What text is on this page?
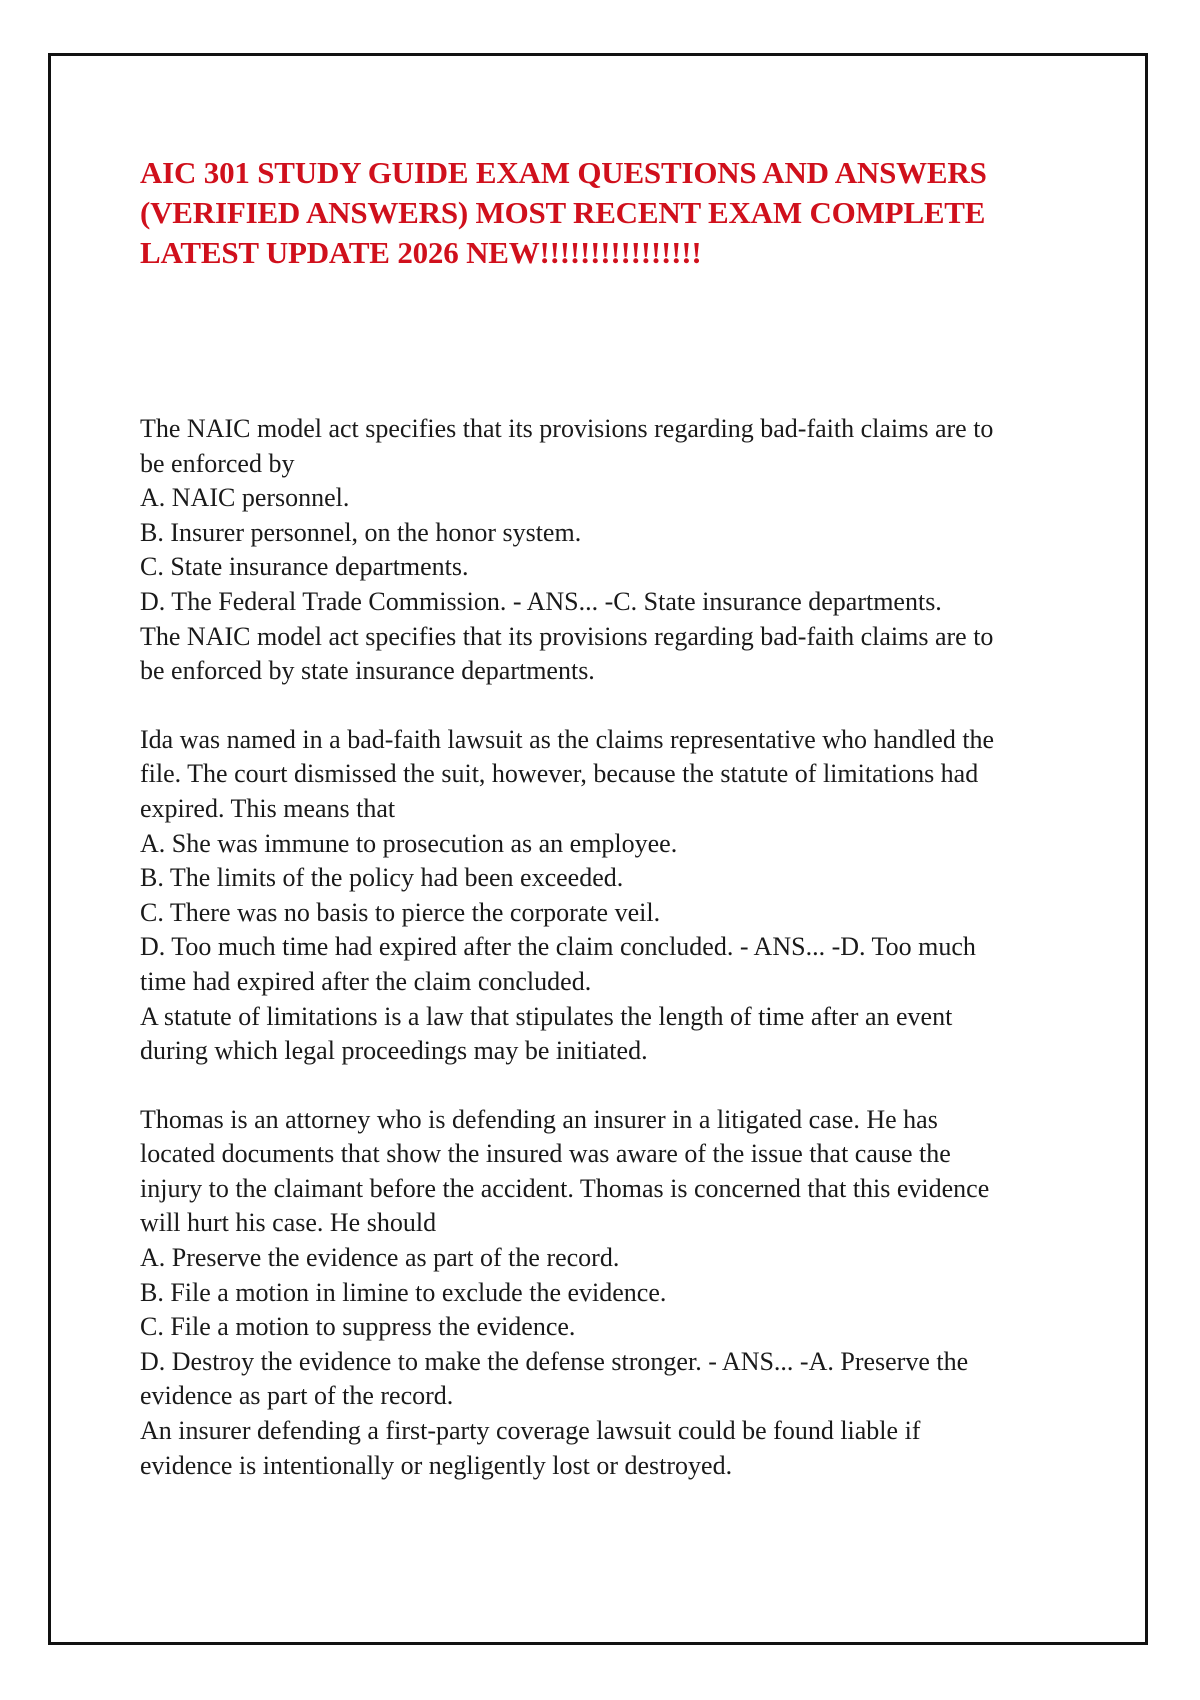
AIC 301 STUDY GUIDE EXAM QUESTIONS AND ANSWERS
(VERIFIED ANSWERS) MOST RECENT EXAM COMPLETE
LATEST UPDATE 2026 NEW!!!!!!!!!!!!!!!!
The NAIC model act specifies that its provisions regarding bad-faith claims are to
be enforced by
A. NAIC personnel.
B. Insurer personnel, on the honor system.
C. State insurance departments.
D. The Federal Trade Commission. - ANS... -C. State insurance departments.
The NAIC model act specifies that its provisions regarding bad-faith claims are to
be enforced by state insurance departments.
Ida was named in a bad-faith lawsuit as the claims representative who handled the
file. The court dismissed the suit, however, because the statute of limitations had
expired. This means that
A. She was immune to prosecution as an employee.
B. The limits of the policy had been exceeded.
C. There was no basis to pierce the corporate veil.
D. Too much time had expired after the claim concluded. - ANS... -D. Too much
time had expired after the claim concluded.
A statute of limitations is a law that stipulates the length of time after an event
during which legal proceedings may be initiated.
Thomas is an attorney who is defending an insurer in a litigated case. He has
located documents that show the insured was aware of the issue that cause the
injury to the claimant before the accident. Thomas is concerned that this evidence
will hurt his case. He should
A. Preserve the evidence as part of the record.
B. File a motion in limine to exclude the evidence.
C. File a motion to suppress the evidence.
D. Destroy the evidence to make the defense stronger. - ANS... -A. Preserve the
evidence as part of the record.
An insurer defending a first-party coverage lawsuit could be found liable if
evidence is intentionally or negligently lost or destroyed.
